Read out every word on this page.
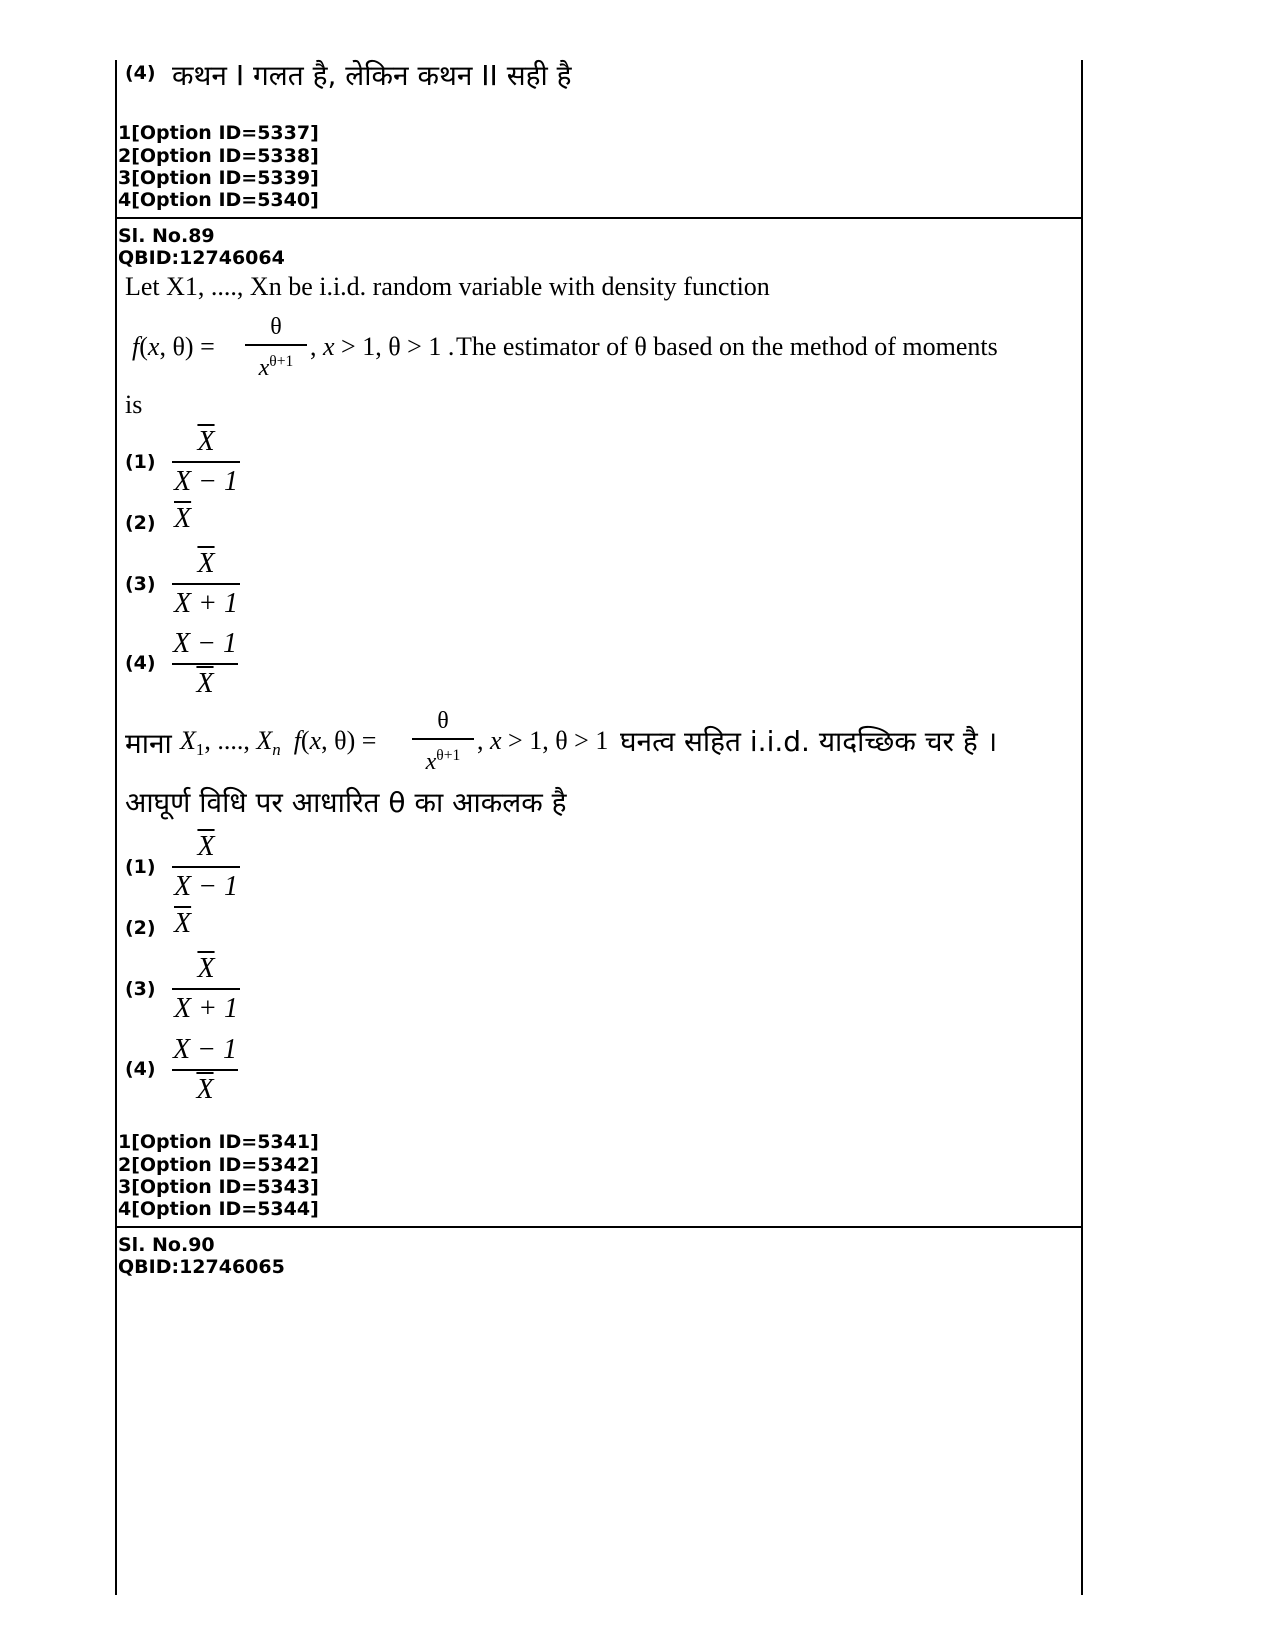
(4) कथन I गलत है, लेकिन कथन II सही है
1[Option ID=5337]
2[Option ID=5338]
3[Option ID=5339]
4[Option ID=5340]
Sl. No.89
QBID:12746064
Let X1, ...., Xn be i.i.d. random variable with density function
f(x, θ) =
θ
$x^{\theta+1}$
, x > 1, θ > 1 . The estimator of θ based on the method of moments
is
(1)
$\overline{X}$
X − 1
(2) $\overline{X}$
(3)
$\overline{X}$
X + 1
$(4) \frac{X - 1}{X}$
माना $X_1$, ...., $X_n$ f(x, θ) =
θ
$x^{\theta+1}$
, x > 1, θ > 1 घनत्व सहित i.i.d. यादच्छिक चर है ।
आघूर्ण विधि पर आधारित θ का आकलक है
(1)
$\overline{X}$
X − 1
(2) $\overline{X}$
(3)
$\overline{X}$
X + 1
$(4) \frac{X - 1}{X}$
1[Option ID=5341]
2[Option ID=5342]
3[Option ID=5343]
4[Option ID=5344]
Sl. No.90
QBID:12746065
